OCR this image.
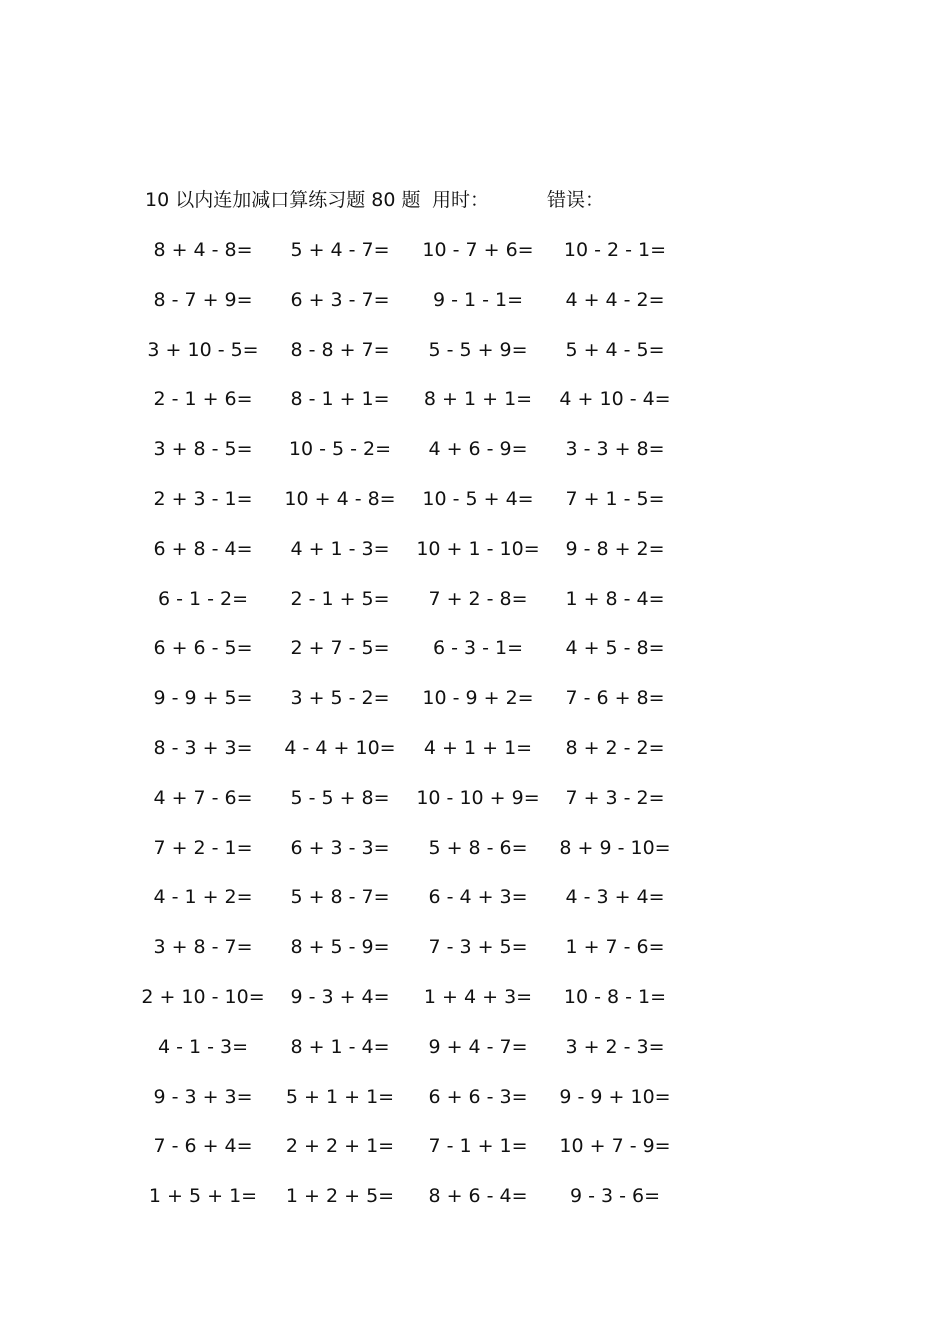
10 以内连加减口算练习题 80 题 用时：	错误：
8 + 4 - 8=	5 + 4 - 7=	10 - 7 + 6=	10 - 2 - 1=
8 - 7 + 9=	6 + 3 - 7=	9 - 1 - 1=	4 + 4 - 2=
3 + 10 - 5=	8 - 8 + 7=	5 - 5 + 9=	5 + 4 - 5=
2 - 1 + 6=	8 - 1 + 1=	8 + 1 + 1=	4 + 10 - 4=
3 + 8 - 5=	10 - 5 - 2=	4 + 6 - 9=	3 - 3 + 8=
2 + 3 - 1=	10 + 4 - 8=	10 - 5 + 4=	7 + 1 - 5=
6 + 8 - 4=	4 + 1 - 3=	10 + 1 - 10=	9 - 8 + 2=
6 - 1 - 2=	2 - 1 + 5=	7 + 2 - 8=	1 + 8 - 4=
6 + 6 - 5=	2 + 7 - 5=	6 - 3 - 1=	4 + 5 - 8=
9 - 9 + 5=	3 + 5 - 2=	10 - 9 + 2=	7 - 6 + 8=
8 - 3 + 3=	4 - 4 + 10=	4 + 1 + 1=	8 + 2 - 2=
4 + 7 - 6=	5 - 5 + 8=	10 - 10 + 9=	7 + 3 - 2=
7 + 2 - 1=	6 + 3 - 3=	5 + 8 - 6=	8 + 9 - 10=
4 - 1 + 2=	5 + 8 - 7=	6 - 4 + 3=	4 - 3 + 4=
3 + 8 - 7=	8 + 5 - 9=	7 - 3 + 5=	1 + 7 - 6=
2 + 10 - 10=	9 - 3 + 4=	1 + 4 + 3=	10 - 8 - 1=
4 - 1 - 3=	8 + 1 - 4=	9 + 4 - 7=	3 + 2 - 3=
9 - 3 + 3=	5 + 1 + 1=	6 + 6 - 3=	9 - 9 + 10=
7 - 6 + 4=	2 + 2 + 1=	7 - 1 + 1=	10 + 7 - 9=
1 + 5 + 1=	1 + 2 + 5=	8 + 6 - 4=	9 - 3 - 6=
